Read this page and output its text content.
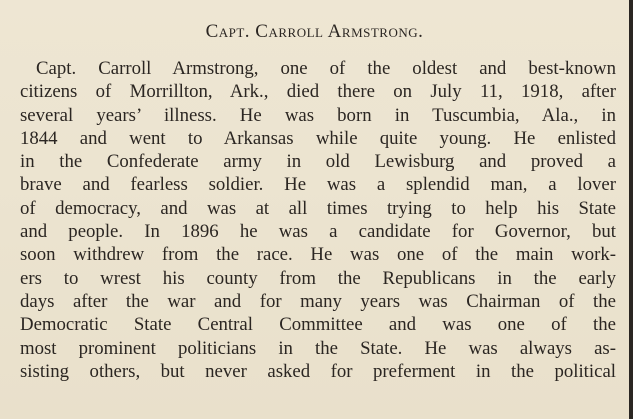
Capt. Carroll Armstrong.
Capt. Carroll Armstrong, one of the oldest and best-known
citizens of Morrillton, Ark., died there on July 11, 1918, after
several years’ illness. He was born in Tuscumbia, Ala., in
1844 and went to Arkansas while quite young. He enlisted
in the Confederate army in old Lewisburg and proved a
brave and fearless soldier. He was a splendid man, a lover
of democracy, and was at all times trying to help his State
and people. In 1896 he was a candidate for Governor, but
soon withdrew from the race. He was one of the main work-
ers to wrest his county from the Republicans in the early
days after the war and for many years was Chairman of the
Democratic State Central Committee and was one of the
most prominent politicians in the State. He was always as-
sisting others, but never asked for preferment in the political
